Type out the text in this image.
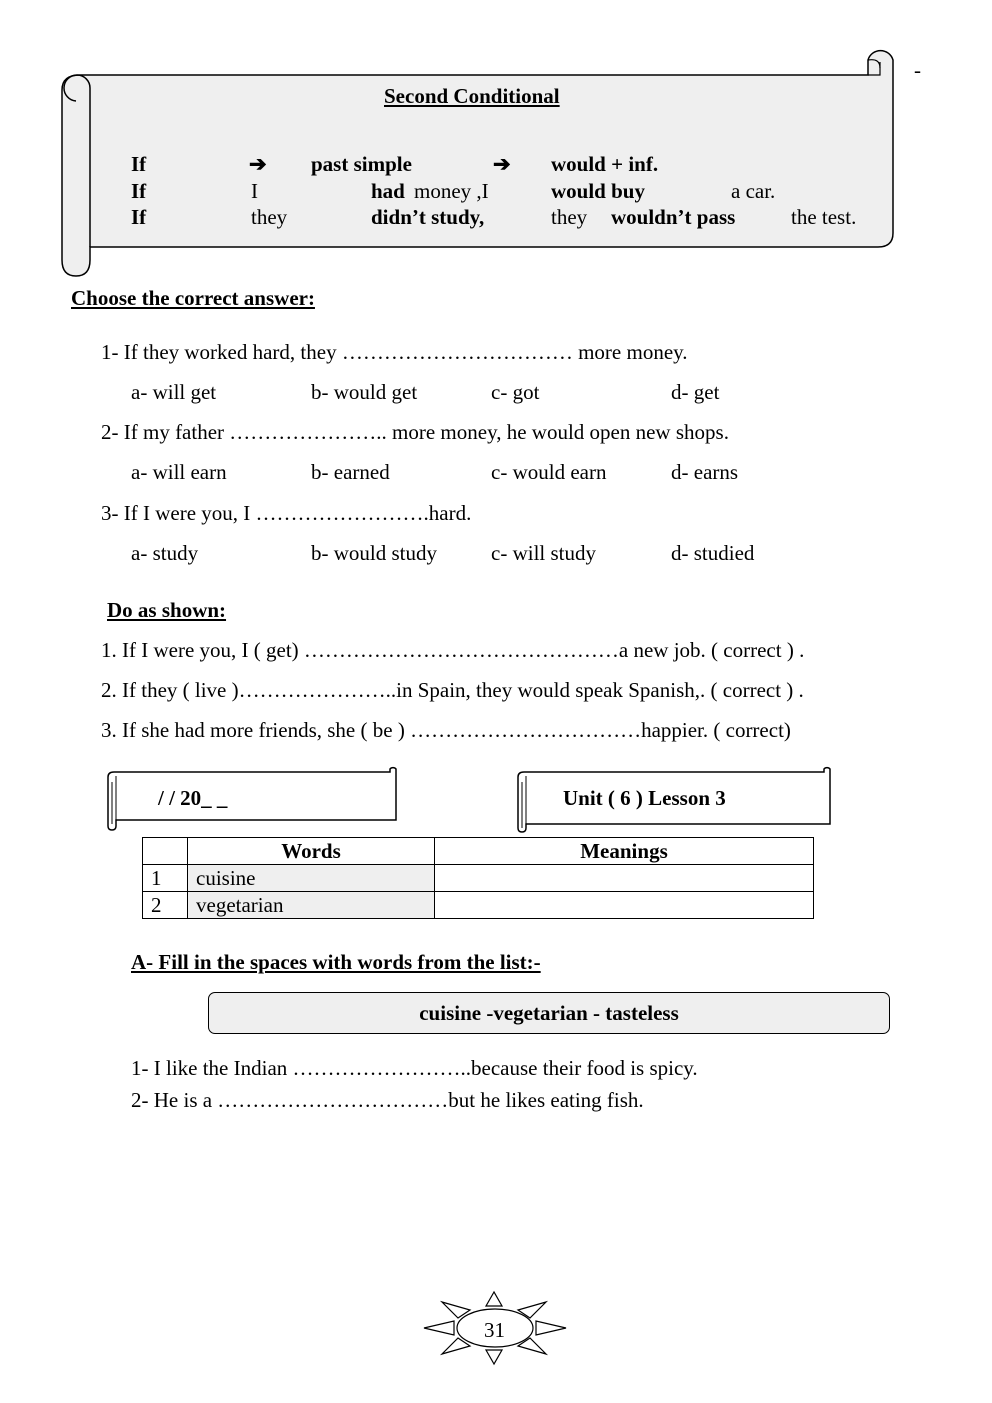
Second Conditional
If	➔ past simple	➔ would + inf.
If	I	had money ,I	would buy	a car.
If	they	didn’t study,	they wouldn’t pass	the test.
-
Choose the correct answer:
1- If they worked hard, they …………………………… more money.
a- will get	b- would get	c- got	d- get
2- If my father ………………….. more money, he would open new shops.
a- will earn	b- earned	c- would earn	d- earns
3- If I were you, I …………………….hard.
a- study	b- would study	c- will study	d- studied
Do as shown:
1. If I were you, I ( get) ………………………………………a new job. ( correct ) .
2. If they ( live )…………………..in Spain, they would speak Spanish,. ( correct ) .
3. If she had more friends, she ( be ) ……………………………happier. ( correct)
/ / 20_ _	Unit ( 6 ) Lesson 3
	Words	Meanings
1	cuisine	
2	vegetarian	
A- Fill in the spaces with words from the list:-
cuisine -vegetarian - tasteless
1- I like the Indian ……………………..because their food is spicy.
2- He is a ……………………………but he likes eating fish.
31
